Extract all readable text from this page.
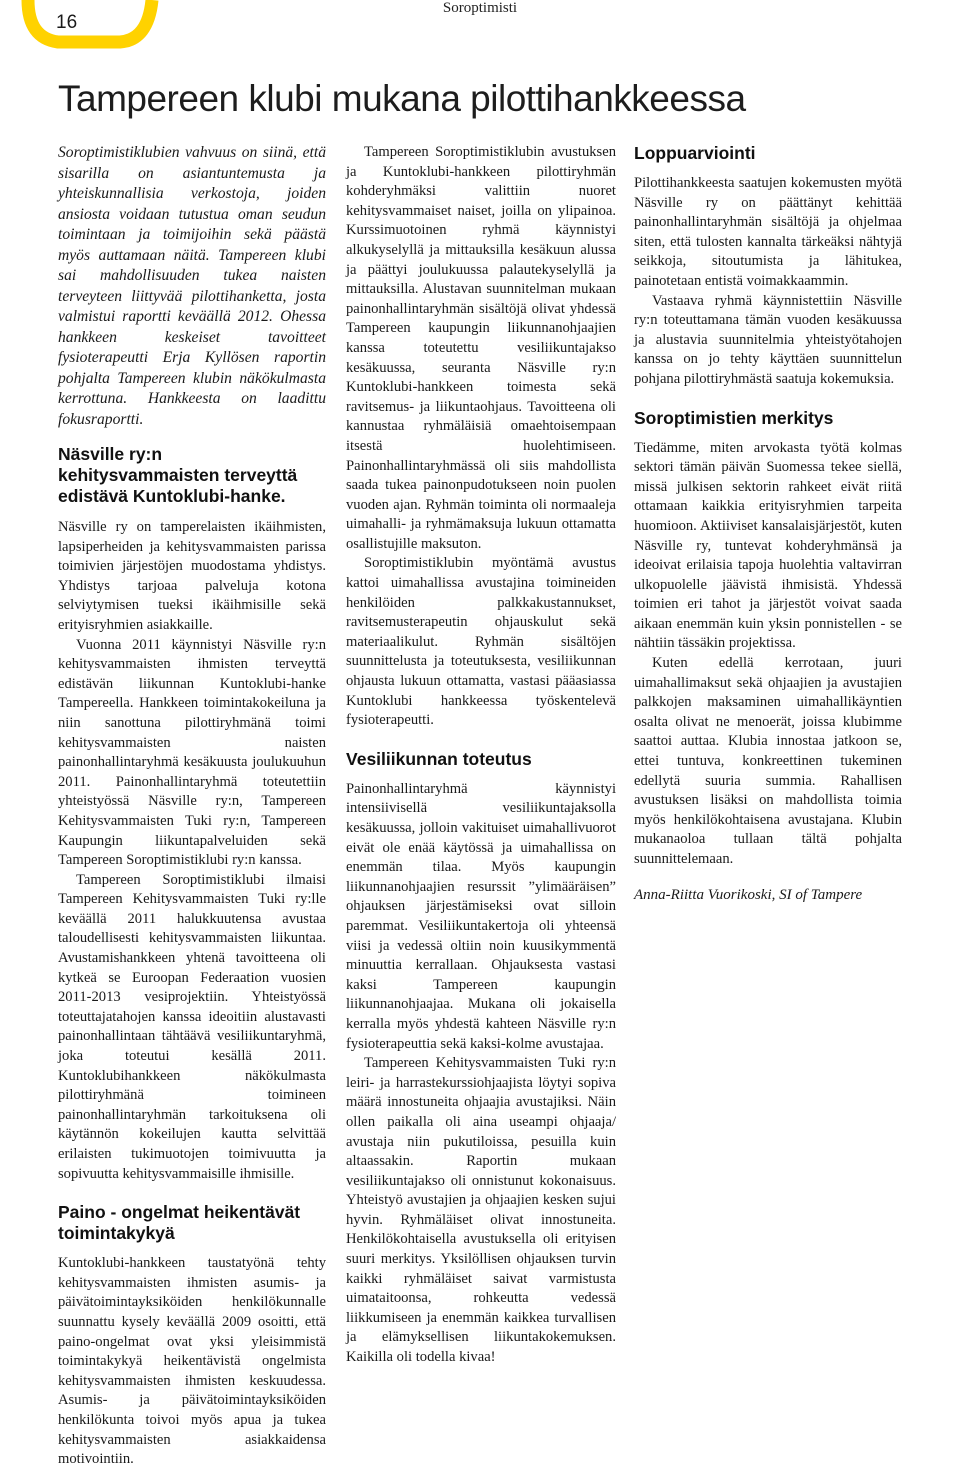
16
Soroptimisti
Tampereen klubi mukana pilottihankkeessa

Soroptimistiklubien vahvuus on siinä, että sisarilla on asiantuntemusta ja yhteiskunnallisia verkostoja, joiden ansiosta voidaan tutustua oman seudun toimintaan ja toimijoihin sekä päästä myös auttamaan näitä. Tampereen klubi sai mahdollisuuden tukea naisten terveyteen liittyvää pilottihanketta, josta valmistui raportti keväällä 2012. Ohessa hankkeen keskeiset tavoitteet fysioterapeutti Erja Kyllösen raportin pohjalta Tampereen klubin näkökulmasta kerrottuna. Hankkeesta on laadittu fokusraportti.

Näsville ry:n kehitysvammaisten terveyttä edistävä Kuntoklubi-hanke.

Näsville ry on tamperelaisten ikäihmisten, lapsiperheiden ja kehitysvammaisten parissa toimivien järjestöjen muodostama yhdistys. Yhdistys tarjoaa palveluja kotona selviytymisen tueksi ikäihmisille sekä erityisryhmien asiakkaille.

Vuonna 2011 käynnistyi Näsville ry:n kehitysvammaisten ihmisten terveyttä edistävän liikunnan Kuntoklubi-hanke Tampereella. Hankkeen toimintakokeiluna ja niin sanottuna pilottiryhmänä toimi kehitysvammaisten naisten painonhallintaryhmä kesäkuusta joulukuuhun 2011. Painonhallintaryhmä toteutettiin yhteistyössä Näsville ry:n, Tampereen Kehitysvammaisten Tuki ry:n, Tampereen Kaupungin liikuntapalveluiden sekä Tampereen Soroptimistiklubi ry:n kanssa.

Tampereen Soroptimistiklubi ilmaisi Tampereen Kehitysvammaisten Tuki ry:lle keväällä 2011 halukkuutensa avustaa taloudellisesti kehitysvammaisten liikuntaa. Avustamishankkeen yhtenä tavoitteena oli kytkeä se Euroopan Federaation vuosien 2011-2013 vesiprojektiin. Yhteistyössä toteuttajatahojen kanssa ideoitiin alustavasti painonhallintaan tähtäävä vesiliikuntaryhmä, joka toteutui kesällä 2011. Kuntoklubihankkeen näkökulmasta pilottiryhmänä toimineen painonhallintaryhmän tarkoituksena oli käytännön kokeilujen kautta selvittää erilaisten tukimuotojen toimivuutta ja sopivuutta kehitysvammaisille ihmisille.

Paino - ongelmat heikentävät toimintakykyä

Kuntoklubi-hankkeen taustatyönä tehty kehitysvammaisten ihmisten asumis- ja päivätoimintayksiköiden henkilökunnalle suunnattu kysely keväällä 2009 osoitti, että paino-ongelmat ovat yksi yleisimmistä toimintakykyä heikentävistä ongelmista kehitysvammaisten ihmisten keskuudessa. Asumis- ja päivätoimintayksiköiden henkilökunta toivoi myös apua ja tukea kehitysvammaisten asiakkaidensa motivointiin.

Tampereen Soroptimistiklubin avustuksen ja Kuntoklubi-hankkeen pilottiryhmän kohderyhmäksi valittiin nuoret kehitysvammaiset naiset, joilla on ylipainoa. Kurssimuotoinen ryhmä käynnistyi alkukyselyllä ja mittauksilla kesäkuun alussa ja päättyi joulukuussa palautekyselyllä ja mittauksilla. Alustavan suunnitelman mukaan painonhallintaryhmän sisältöjä olivat yhdessä Tampereen kaupungin liikunnanohjaajien kanssa toteutettu vesiliikuntajakso kesäkuussa, seuranta Näsville ry:n Kuntoklubi-hankkeen toimesta sekä ravitsemus- ja liikuntaohjaus. Tavoitteena oli kannustaa ryhmäläisiä omaehtoisempaan itsestä huolehtimiseen. Painonhallintaryhmässä oli siis mahdollista saada tukea painonpudotukseen noin puolen vuoden ajan. Ryhmän toiminta oli normaaleja uimahalli- ja ryhmämaksuja lukuun ottamatta osallistujille maksuton.

Soroptimistiklubin myöntämä avustus kattoi uimahallissa avustajina toimineiden henkilöiden palkkakustannukset, ravitsemusterapeutin ohjauskulut sekä materiaalikulut. Ryhmän sisältöjen suunnittelusta ja toteutuksesta, vesiliikunnan ohjausta lukuun ottamatta, vastasi pääasiassa Kuntoklubi hankkeessa työskentelevä fysioterapeutti.

Vesiliikunnan toteutus

Painonhallintaryhmä käynnistyi intensiivisellä vesiliikuntajaksolla kesäkuussa, jolloin vakituiset uimahallivuorot eivät ole enää käytössä ja uimahallissa on enemmän tilaa. Myös kaupungin liikunnanohjaajien resurssit ”ylimääräisen” ohjauksen järjestämiseksi ovat silloin paremmat. Vesiliikuntakertoja oli yhteensä viisi ja vedessä oltiin noin kuusikymmentä minuuttia kerrallaan. Ohjauksesta vastasi kaksi Tampereen kaupungin liikunnanohjaajaa. Mukana oli jokaisella kerralla myös yhdestä kahteen Näsville ry:n fysioterapeuttia sekä kaksi-kolme avustajaa.

Tampereen Kehitysvammaisten Tuki ry:n leiri- ja harrastekurssiohjaajista löytyi sopiva määrä innostuneita ohjaajia avustajiksi. Näin ollen paikalla oli aina useampi ohjaaja/ avustaja niin pukutiloissa, pesuilla kuin altaassakin. Raportin mukaan vesiliikuntajakso oli onnistunut kokonaisuus. Yhteistyö avustajien ja ohjaajien kesken sujui hyvin. Ryhmäläiset olivat innostuneita. Henkilökohtaisella avustuksella oli erityisen suuri merkitys. Yksilöllisen ohjauksen turvin kaikki ryhmäläiset saivat varmistusta uimataitoonsa, rohkeutta vedessä liikkumiseen ja enemmän kaikkea turvallisen ja elämyksellisen liikuntakokemuksen. Kaikilla oli todella kivaa!

Loppuarviointi

Pilottihankkeesta saatujen kokemusten myötä Näsville ry on päättänyt kehittää painonhallintaryhmän sisältöjä ja ohjelmaa siten, että tulosten kannalta tärkeäksi nähtyjä seikkoja, sitoutumista ja lähitukea, painotetaan entistä voimakkaammin.

Vastaava ryhmä käynnistettiin Näsville ry:n toteuttamana tämän vuoden kesäkuussa ja alustavia suunnitelmia yhteistyötahojen kanssa on jo tehty käyttäen suunnittelun pohjana pilottiryhmästä saatuja kokemuksia.

Soroptimistien merkitys

Tiedämme, miten arvokasta työtä kolmas sektori tämän päivän Suomessa tekee siellä, missä julkisen sektorin rahkeet eivät riitä ottamaan kaikkia erityisryhmien tarpeita huomioon. Aktiiviset kansalaisjärjestöt, kuten Näsville ry, tuntevat kohderyhmänsä ja ideoivat erilaisia tapoja huolehtia valtavirran ulkopuolelle jäävistä ihmisistä. Yhdessä toimien eri tahot ja järjestöt voivat saada aikaan enemmän kuin yksin ponnistellen - se nähtiin tässäkin projektissa.

Kuten edellä kerrotaan, juuri uimahallimaksut sekä ohjaajien ja avustajien palkkojen maksaminen uimahallikäyntien osalta olivat ne menoerät, joissa klubimme saattoi auttaa. Klubia innostaa jatkoon se, ettei tuntuva, konkreettinen tukeminen edellytä suuria summia. Rahallisen avustuksen lisäksi on mahdollista toimia myös henkilökohtaisena avustajana. Klubin mukanaoloa tullaan tältä pohjalta suunnittelemaan.

Anna-Riitta Vuorikoski, SI of Tampere
